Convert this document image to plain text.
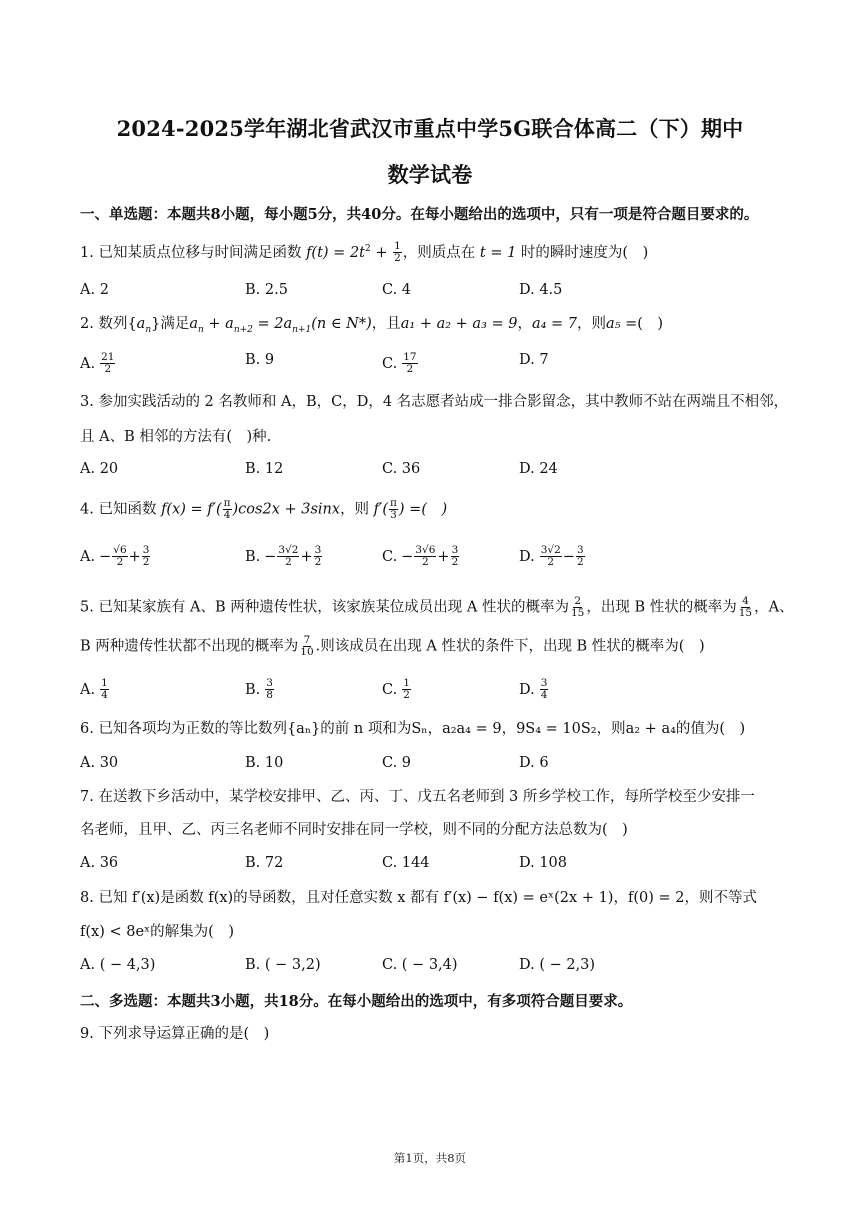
2024-2025学年湖北省武汉市重点中学5G联合体高二（下）期中
数学试卷
一、单选题：本题共8小题，每小题5分，共40分。在每小题给出的选项中，只有一项是符合题目要求的。
1. 已知某质点位移与时间满足函数 $f(t) = 2t^2 + \frac{1}{2}$ ，则质点在 t = 1 时的瞬时速度为(　)
A. 2	B. 2.5	C. 4	D. 4.5
2. 数列$\{a_n\}$满足$a_n + a_{n+2} = 2a_{n+1}(n$ ∈ N*)，且a₁ + a₂ + a₃ = 9，a₄ = 7，则a₅ =(　)
A. $\frac{21}{2}$	B. 9	C. $\frac{17}{2}$	D. 7
3. 参加实践活动的 2 名教师和 A，B，C，D，4 名志愿者站成一排合影留念，其中教师不站在两端且不相邻，
且 A、B 相邻的方法有(　)种.
A. 20	B. 12	C. 36	D. 24
4. 已知函数 $f(x) = f'( \frac{\pi}{4} )\cos 2x + 3\sin x$，则 $f'( \frac{\pi}{3}$ ) =(　)
A. − $\frac{√6}{2} + \frac{3}{2}$	B. − $\frac{3√2}{2} + \frac{3}{2}$	C. − $\frac{3√6}{2} + \frac{3}{2}$	D. $\frac{3√2}{2} - \frac{3}{2}$
5. 已知某家族有 A、B 两种遗传性状，该家族某位成员出现 A 性状的概率为 $\frac{2}{15}$ ，出现 B 性状的概率为 $\frac{4}{15}$ ，A、
B 两种遗传性状都不出现的概率为 $\frac{7}{10}$ .则该成员在出现 A 性状的条件下，出现 B 性状的概率为(　)
A. $\frac{1}{4}$	B. $\frac{3}{8}$	C. $\frac{1}{2}$	D. $\frac{3}{4}$
6. 已知各项均为正数的等比数列{aₙ}的前 n 项和为Sₙ，a₂a₄ = 9，9S₄ = 10S₂，则a₂ + a₄的值为(　)
A. 30	B. 10	C. 9	D. 6
7. 在送教下乡活动中，某学校安排甲、乙、丙、丁、戊五名老师到 3 所乡学校工作，每所学校至少安排一
名老师，且甲、乙、丙三名老师不同时安排在同一学校，则不同的分配方法总数为(　)
A. 36	B. 72	C. 144	D. 108
8. 已知 f′(x)是函数 f(x)的导函数，且对任意实数 x 都有 f′(x) − f(x) = eˣ(2x + 1)，f(0) = 2，则不等式
f(x) < 8eˣ的解集为(　)
A. ( − 4,3)	B. ( − 3,2)	C. ( − 3,4)	D. ( − 2,3)
二、多选题：本题共3小题，共18分。在每小题给出的选项中，有多项符合题目要求。
9. 下列求导运算正确的是(　)
第1页，共8页
